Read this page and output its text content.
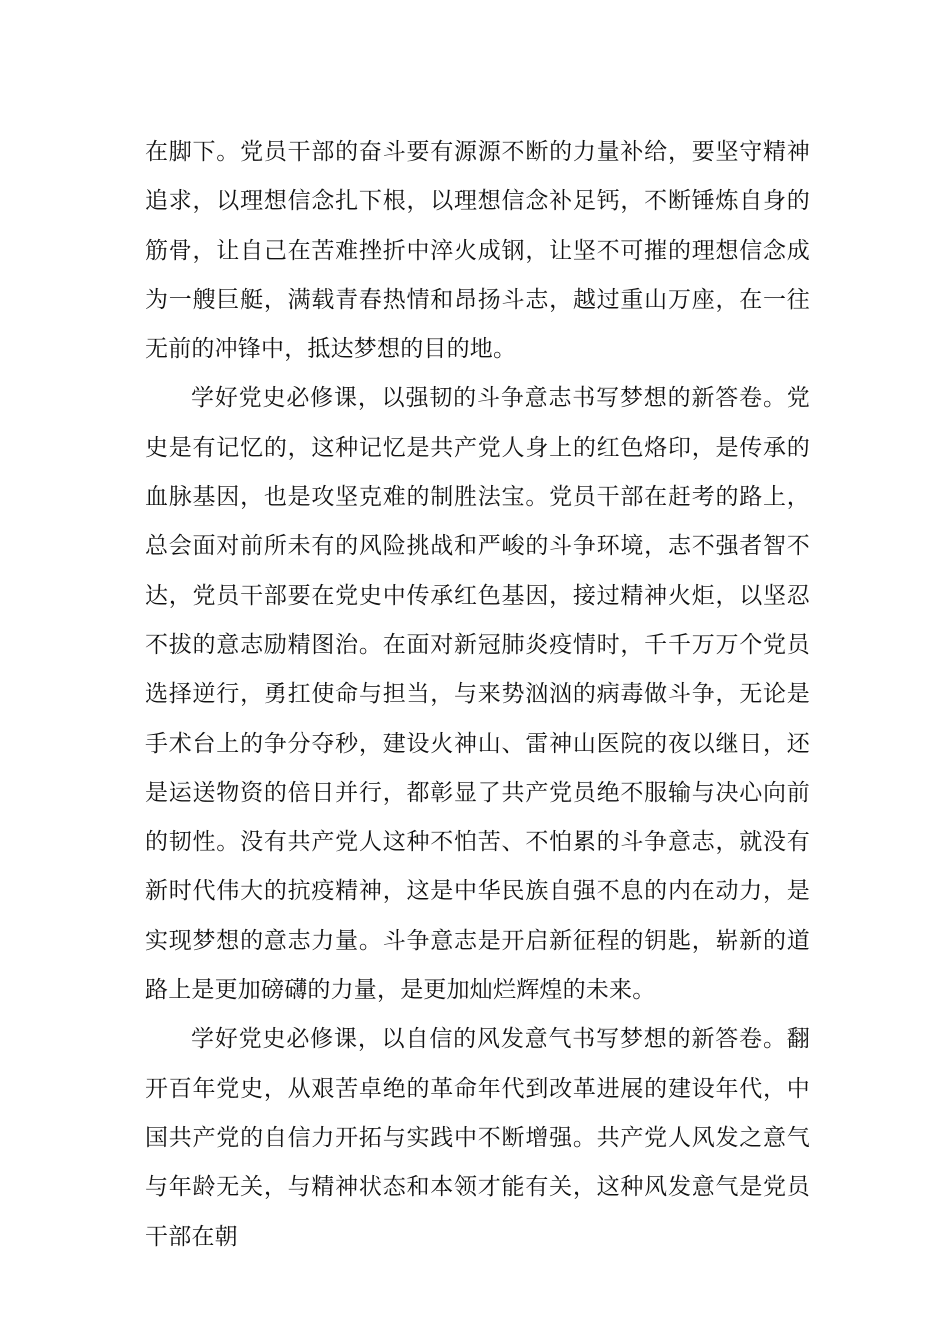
在脚下。党员干部的奋斗要有源源不断的力量补给，要坚守精神追求，以理想信念扎下根，以理想信念补足钙，不断锤炼自身的筋骨，让自己在苦难挫折中淬火成钢，让坚不可摧的理想信念成为一艘巨艇，满载青春热情和昂扬斗志，越过重山万座，在一往无前的冲锋中，抵达梦想的目的地。

学好党史必修课，以强韧的斗争意志书写梦想的新答卷。党史是有记忆的，这种记忆是共产党人身上的红色烙印，是传承的血脉基因，也是攻坚克难的制胜法宝。党员干部在赶考的路上，总会面对前所未有的风险挑战和严峻的斗争环境，志不强者智不达，党员干部要在党史中传承红色基因，接过精神火炬，以坚忍不拔的意志励精图治。在面对新冠肺炎疫情时，千千万万个党员选择逆行，勇扛使命与担当，与来势汹汹的病毒做斗争，无论是手术台上的争分夺秒，建设火神山、雷神山医院的夜以继日，还是运送物资的倍日并行，都彰显了共产党员绝不服输与决心向前的韧性。没有共产党人这种不怕苦、不怕累的斗争意志，就没有新时代伟大的抗疫精神，这是中华民族自强不息的内在动力，是实现梦想的意志力量。斗争意志是开启新征程的钥匙，崭新的道路上是更加磅礴的力量，是更加灿烂辉煌的未来。

学好党史必修课，以自信的风发意气书写梦想的新答卷。翻开百年党史，从艰苦卓绝的革命年代到改革进展的建设年代，中国共产党的自信力开拓与实践中不断增强。共产党人风发之意气与年龄无关，与精神状态和本领才能有关，这种风发意气是党员干部在朝
